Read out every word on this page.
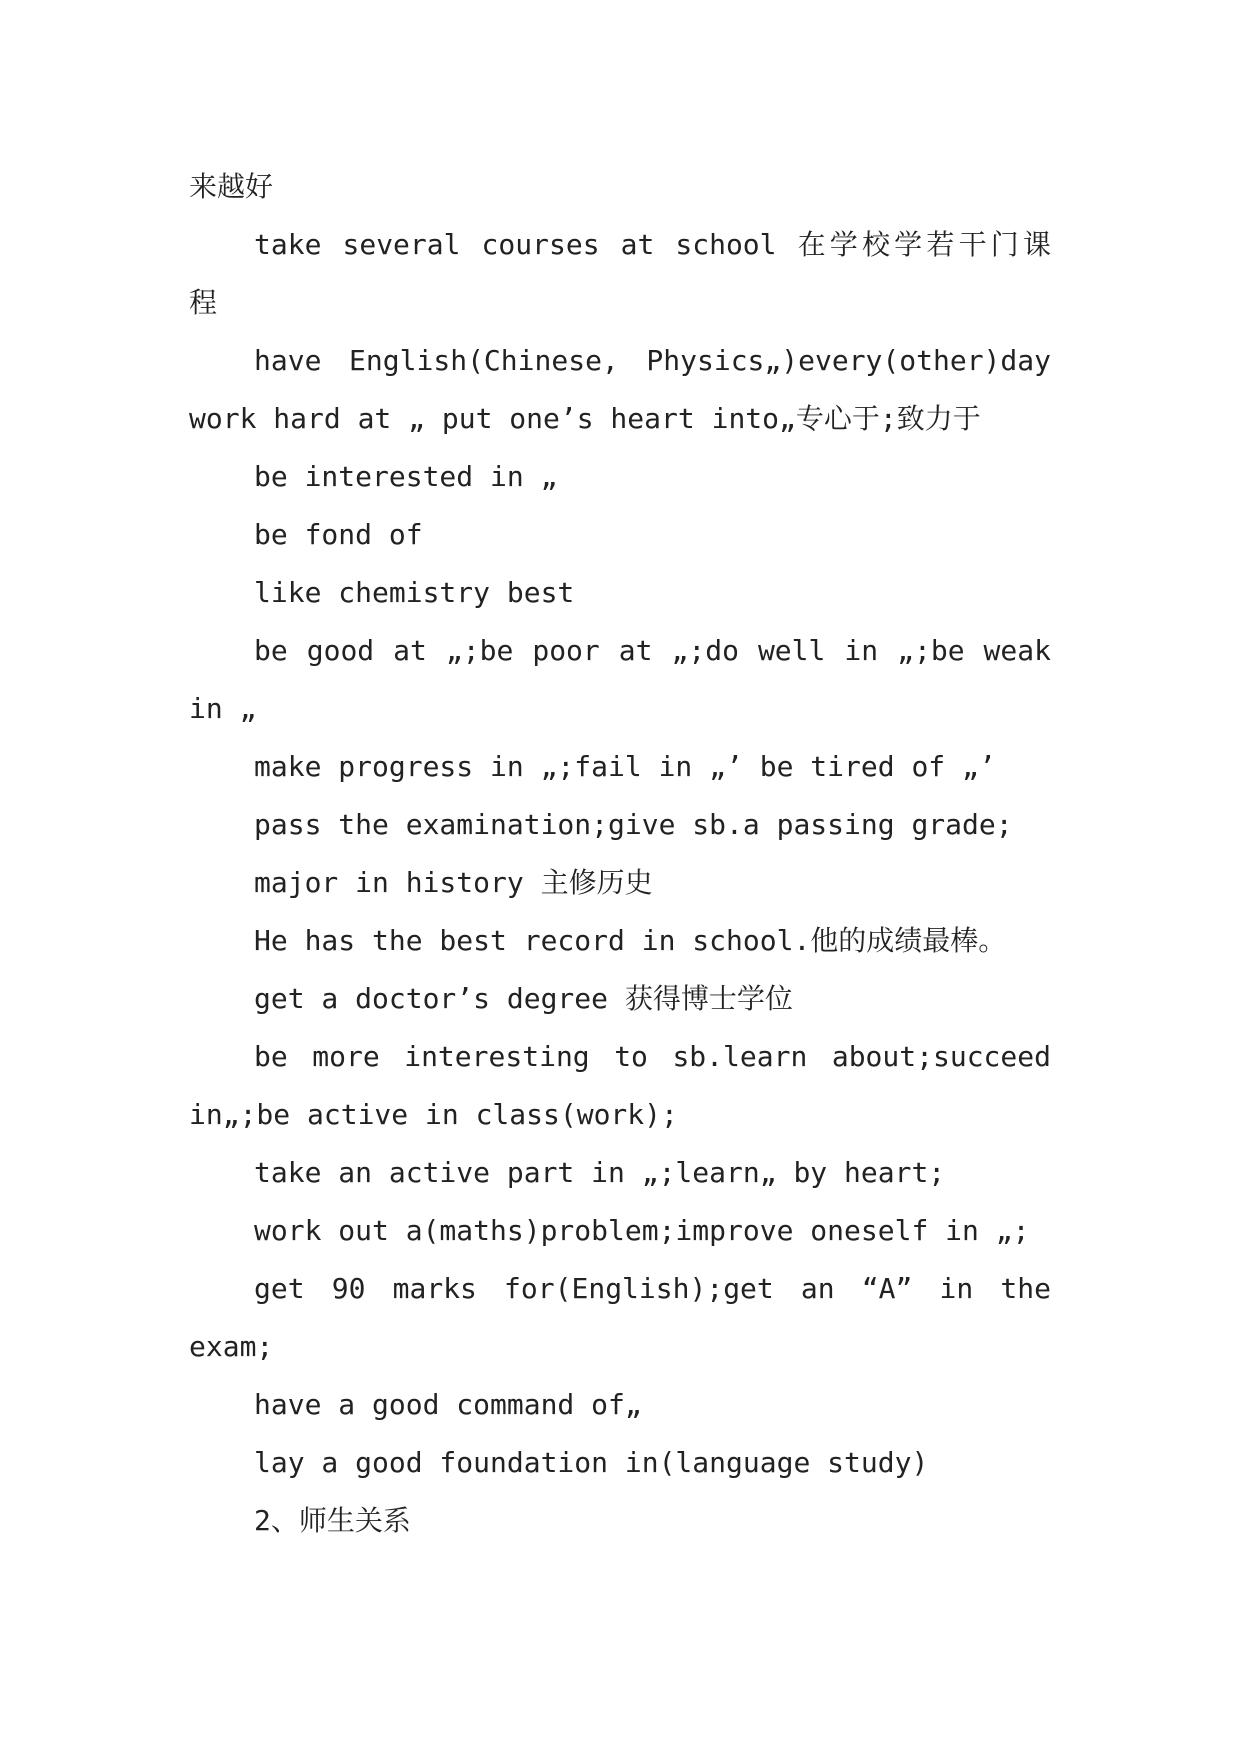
来越好
take several courses at school 在学校学若干门课
程
have English(Chinese, Physics„)every(other)day
work hard at „ put one’s heart into„专心于;致力于
be interested in „
be fond of
like chemistry best
be good at „;be poor at „;do well in „;be weak
in „
make progress in „;fail in „’ be tired of „’
pass the examination;give sb.a passing grade;
major in history 主修历史
He has the best record in school.他的成绩最棒。
get a doctor’s degree 获得博士学位
be more interesting to sb.learn about;succeed
in„;be active in class(work);
take an active part in „;learn„ by heart;
work out a(maths)problem;improve oneself in „;
get 90 marks for(English);get an “A” in the
exam;
have a good command of„
lay a good foundation in(language study)
2、师生关系
